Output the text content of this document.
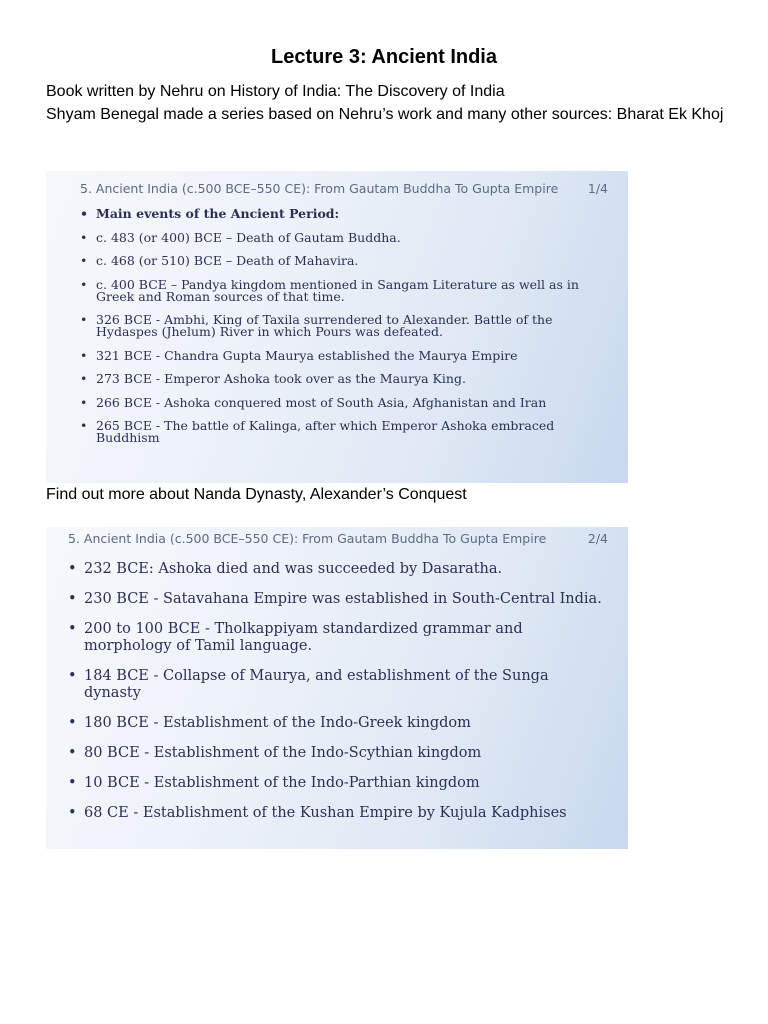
Lecture 3: Ancient India
Book written by Nehru on History of India: The Discovery of India
Shyam Benegal made a series based on Nehru’s work and many other sources: Bharat Ek Khoj
5. Ancient India (c.500 BCE–550 CE): From Gautam Buddha To Gupta Empire 1/4
• Main events of the Ancient Period:
• c. 483 (or 400) BCE – Death of Gautam Buddha.
• c. 468 (or 510) BCE – Death of Mahavira.
• c. 400 BCE – Pandya kingdom mentioned in Sangam Literature as well as in Greek and Roman sources of that time.
• 326 BCE - Ambhi, King of Taxila surrendered to Alexander. Battle of the Hydaspes (Jhelum) River in which Pours was defeated.
• 321 BCE - Chandra Gupta Maurya established the Maurya Empire
• 273 BCE - Emperor Ashoka took over as the Maurya King.
• 266 BCE - Ashoka conquered most of South Asia, Afghanistan and Iran
• 265 BCE - The battle of Kalinga, after which Emperor Ashoka embraced Buddhism
Find out more about Nanda Dynasty, Alexander’s Conquest
5. Ancient India (c.500 BCE–550 CE): From Gautam Buddha To Gupta Empire	2/4
• 232 BCE: Ashoka died and was succeeded by Dasaratha.
• 230 BCE - Satavahana Empire was established in South-Central India.
• 200 to 100 BCE - Tholkappiyam standardized grammar and morphology of Tamil language.
• 184 BCE - Collapse of Maurya, and establishment of the Sunga dynasty
• 180 BCE - Establishment of the Indo-Greek kingdom
• 80 BCE - Establishment of the Indo-Scythian kingdom
• 10 BCE - Establishment of the Indo-Parthian kingdom
• 68 CE - Establishment of the Kushan Empire by Kujula Kadphises
